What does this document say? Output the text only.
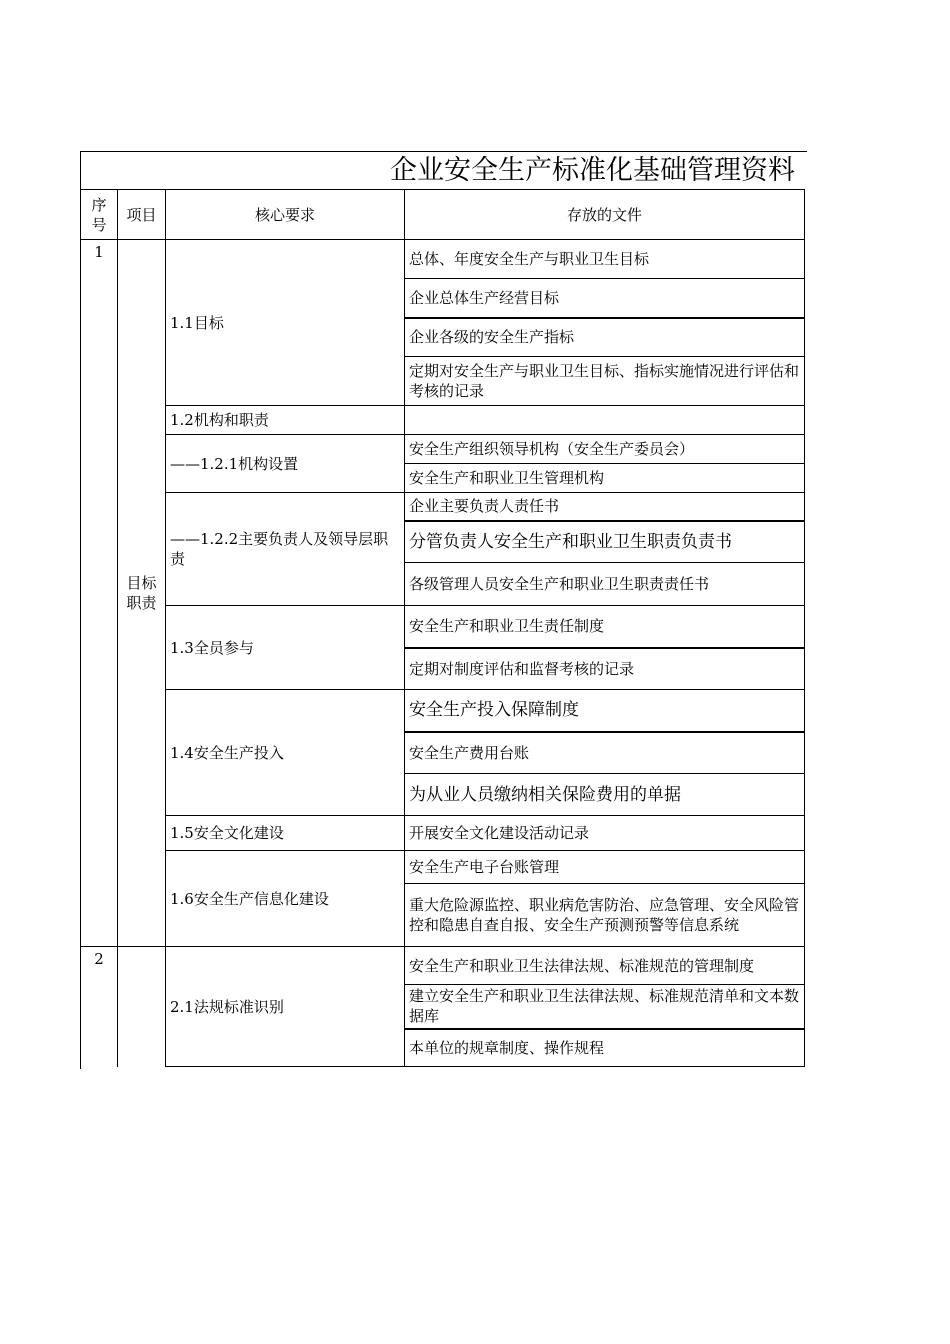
企业安全生产标准化基础管理资料
序号	项目	核心要求	存放的文件
1	目标职责	1.1目标	总体、年度安全生产与职业卫生目标
			企业总体生产经营目标
			企业各级的安全生产指标
			定期对安全生产与职业卫生目标、指标实施情况进行评估和考核的记录
		1.2机构和职责	
		——1.2.1机构设置	安全生产组织领导机构（安全生产委员会）
			安全生产和职业卫生管理机构
		——1.2.2主要负责人及领导层职责	企业主要负责人责任书
			分管负责人安全生产和职业卫生职责负责书
			各级管理人员安全生产和职业卫生职责责任书
		1.3全员参与	安全生产和职业卫生责任制度
			定期对制度评估和监督考核的记录
		1.4安全生产投入	安全生产投入保障制度
			安全生产费用台账
			为从业人员缴纳相关保险费用的单据
		1.5安全文化建设	开展安全文化建设活动记录
		1.6安全生产信息化建设	安全生产电子台账管理
			重大危险源监控、职业病危害防治、应急管理、安全风险管控和隐患自查自报、安全生产预测预警等信息系统

2		2.1法规标准识别	安全生产和职业卫生法律法规、标准规范的管理制度
			建立安全生产和职业卫生法律法规、标准规范清单和文本数据库
			本单位的规章制度、操作规程
